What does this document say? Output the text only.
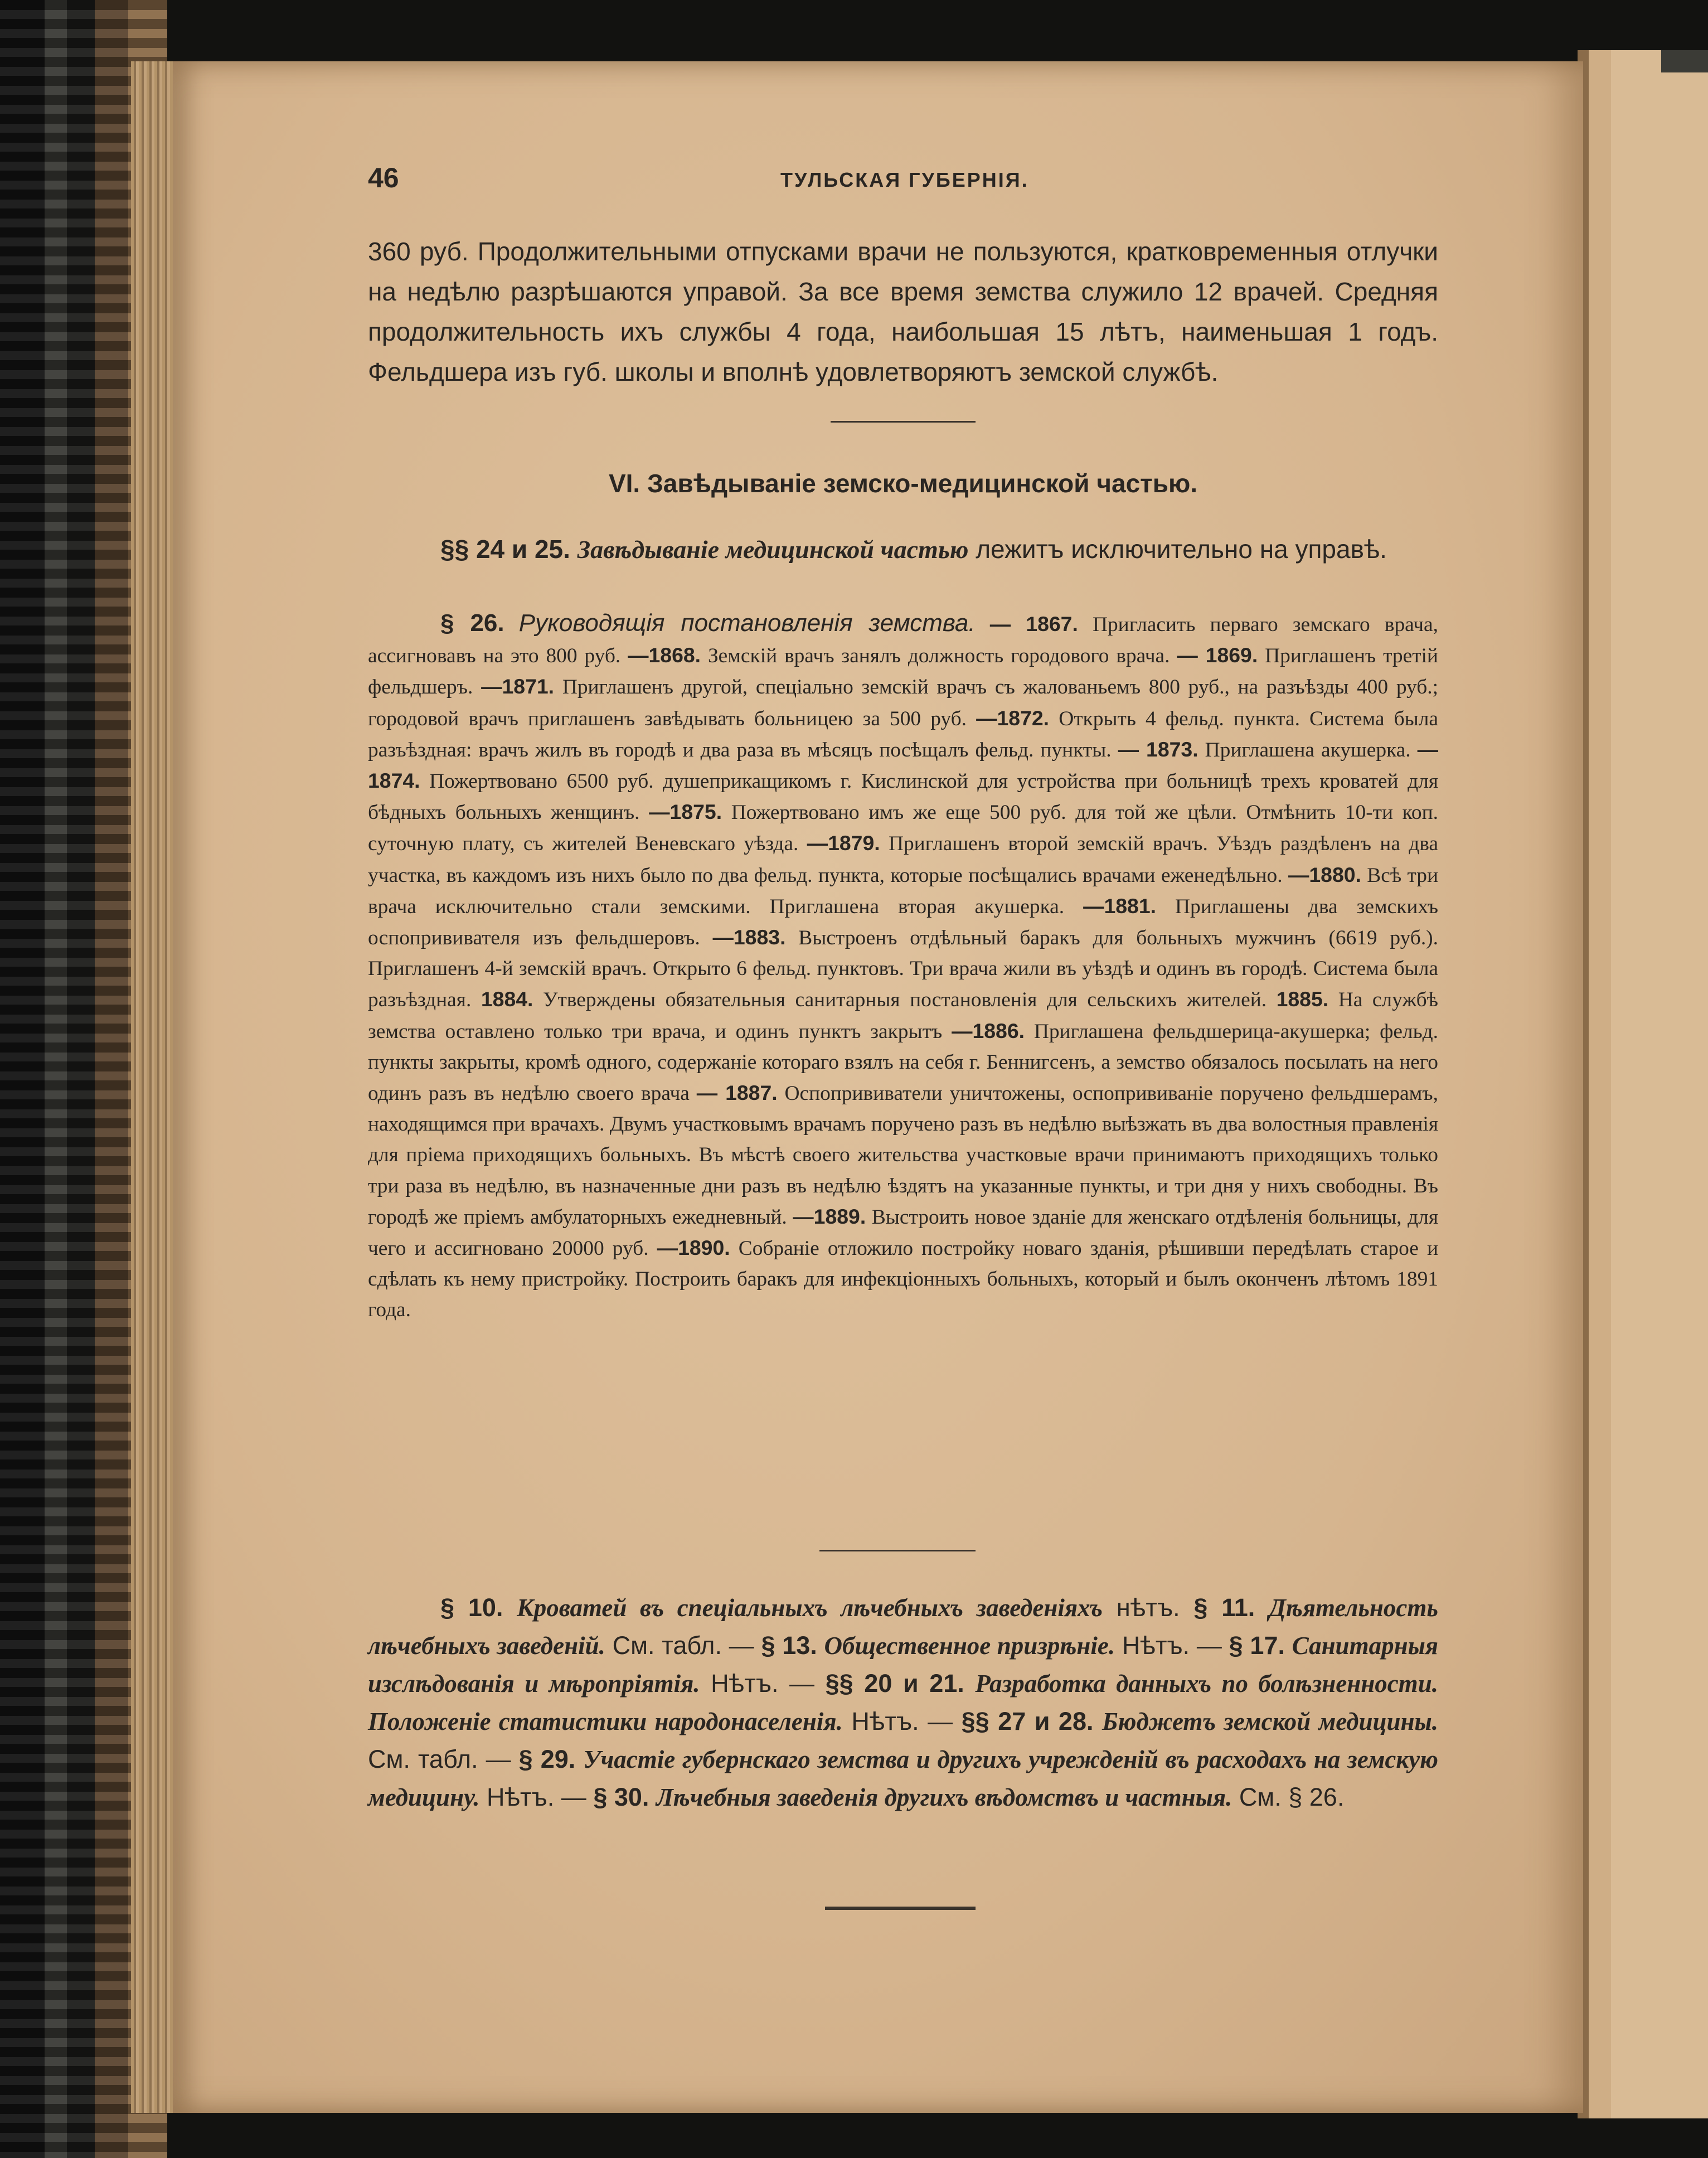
46	ТУЛЬСКАЯ ГУБЕРНІЯ.

360 руб. Продолжительными отпусками врачи не пользуются, кратковременныя отлучки на недѣлю разрѣшаются управой. За все время земства служило 12 врачей. Средняя продолжительность ихъ службы 4 года, наибольшая 15 лѣтъ, наименьшая 1 годъ. Фельдшера изъ губ. школы и вполнѣ удовлетворяютъ земской службѣ.

VI. Завѣдываніе земско-медицинской частью.

§§ 24 и 25. Завѣдываніе медицинской частью лежитъ исключительно на управѣ.

§ 26. Руководящія постановленія земства. — 1867. Пригласить перваго земскаго врача, ассигновавъ на это 800 руб. —1868. Земскій врачъ занялъ должность городового врача. — 1869. Приглашенъ третій фельдшеръ. —1871. Приглашенъ другой, спеціально земскій врачъ съ жалованьемъ 800 руб., на разъѣзды 400 руб.; городовой врачъ приглашенъ завѣдывать больницею за 500 руб. —1872. Открыть 4 фельд. пункта. Система была разъѣздная: врачъ жилъ въ городѣ и два раза въ мѣсяцъ посѣщалъ фельд. пункты. — 1873. Приглашена акушерка. —1874. Пожертвовано 6500 руб. душеприкащикомъ г. Кислинской для устройства при больницѣ трехъ кроватей для бѣдныхъ больныхъ женщинъ. —1875. Пожертвовано имъ же еще 500 руб. для той же цѣли. Отмѣнить 10-ти коп. суточную плату, съ жителей Веневскаго уѣзда. —1879. Приглашенъ второй земскій врачъ. Уѣздъ раздѣленъ на два участка, въ каждомъ изъ нихъ было по два фельд. пункта, которые посѣщались врачами еженедѣльно. —1880. Всѣ три врача исключительно стали земскими. Приглашена вторая акушерка. —1881. Приглашены два земскихъ оспопрививателя изъ фельдшеровъ. —1883. Выстроенъ отдѣльный баракъ для больныхъ мужчинъ (6619 руб.). Приглашенъ 4-й земскій врачъ. Открыто 6 фельд. пунктовъ. Три врача жили въ уѣздѣ и одинъ въ городѣ. Система была разъѣздная. 1884. Утверждены обязательныя санитарныя постановленія для сельскихъ жителей. 1885. На службѣ земства оставлено только три врача, и одинъ пунктъ закрытъ —1886. Приглашена фельдшерица-акушерка; фельд. пункты закрыты, кромѣ одного, содержаніе котораго взялъ на себя г. Беннигсенъ, а земство обязалось посылать на него одинъ разъ въ недѣлю своего врача — 1887. Оспопрививатели уничтожены, оспопрививаніе поручено фельдшерамъ, находящимся при врачахъ. Двумъ участковымъ врачамъ поручено разъ въ недѣлю выѣзжать въ два волостныя правленія для пріема приходящихъ больныхъ. Въ мѣстѣ своего жительства участковые врачи принимаютъ приходящихъ только три раза въ недѣлю, въ назначенные дни разъ въ недѣлю ѣздятъ на указанные пункты, и три дня у нихъ свободны. Въ городѣ же пріемъ амбулаторныхъ ежедневный. —1889. Выстроить новое зданіе для женскаго отдѣленія больницы, для чего и ассигновано 20000 руб. —1890. Собраніе отложило постройку новаго зданія, рѣшивши передѣлать старое и сдѣлать къ нему пристройку. Построить баракъ для инфекціонныхъ больныхъ, который и былъ оконченъ лѣтомъ 1891 года.

§ 10. Кроватей въ спеціальныхъ лѣчебныхъ заведеніяхъ нѣтъ. § 11. Дѣятельность лѣчебныхъ заведеній. См. табл. — § 13. Общественное призрѣніе. Нѣтъ. — § 17. Санитарныя изслѣдованія и мѣропріятія. Нѣтъ. — §§ 20 и 21. Разработка данныхъ по болѣзненности. Положеніе статистики народонаселенія. Нѣтъ. — §§ 27 и 28. Бюджетъ земской медицины. См. табл. — § 29. Участіе губернскаго земства и другихъ учрежденій въ расходахъ на земскую медицину. Нѣтъ. — § 30. Лѣчебныя заведенія другихъ вѣдомствъ и частныя. См. § 26.
